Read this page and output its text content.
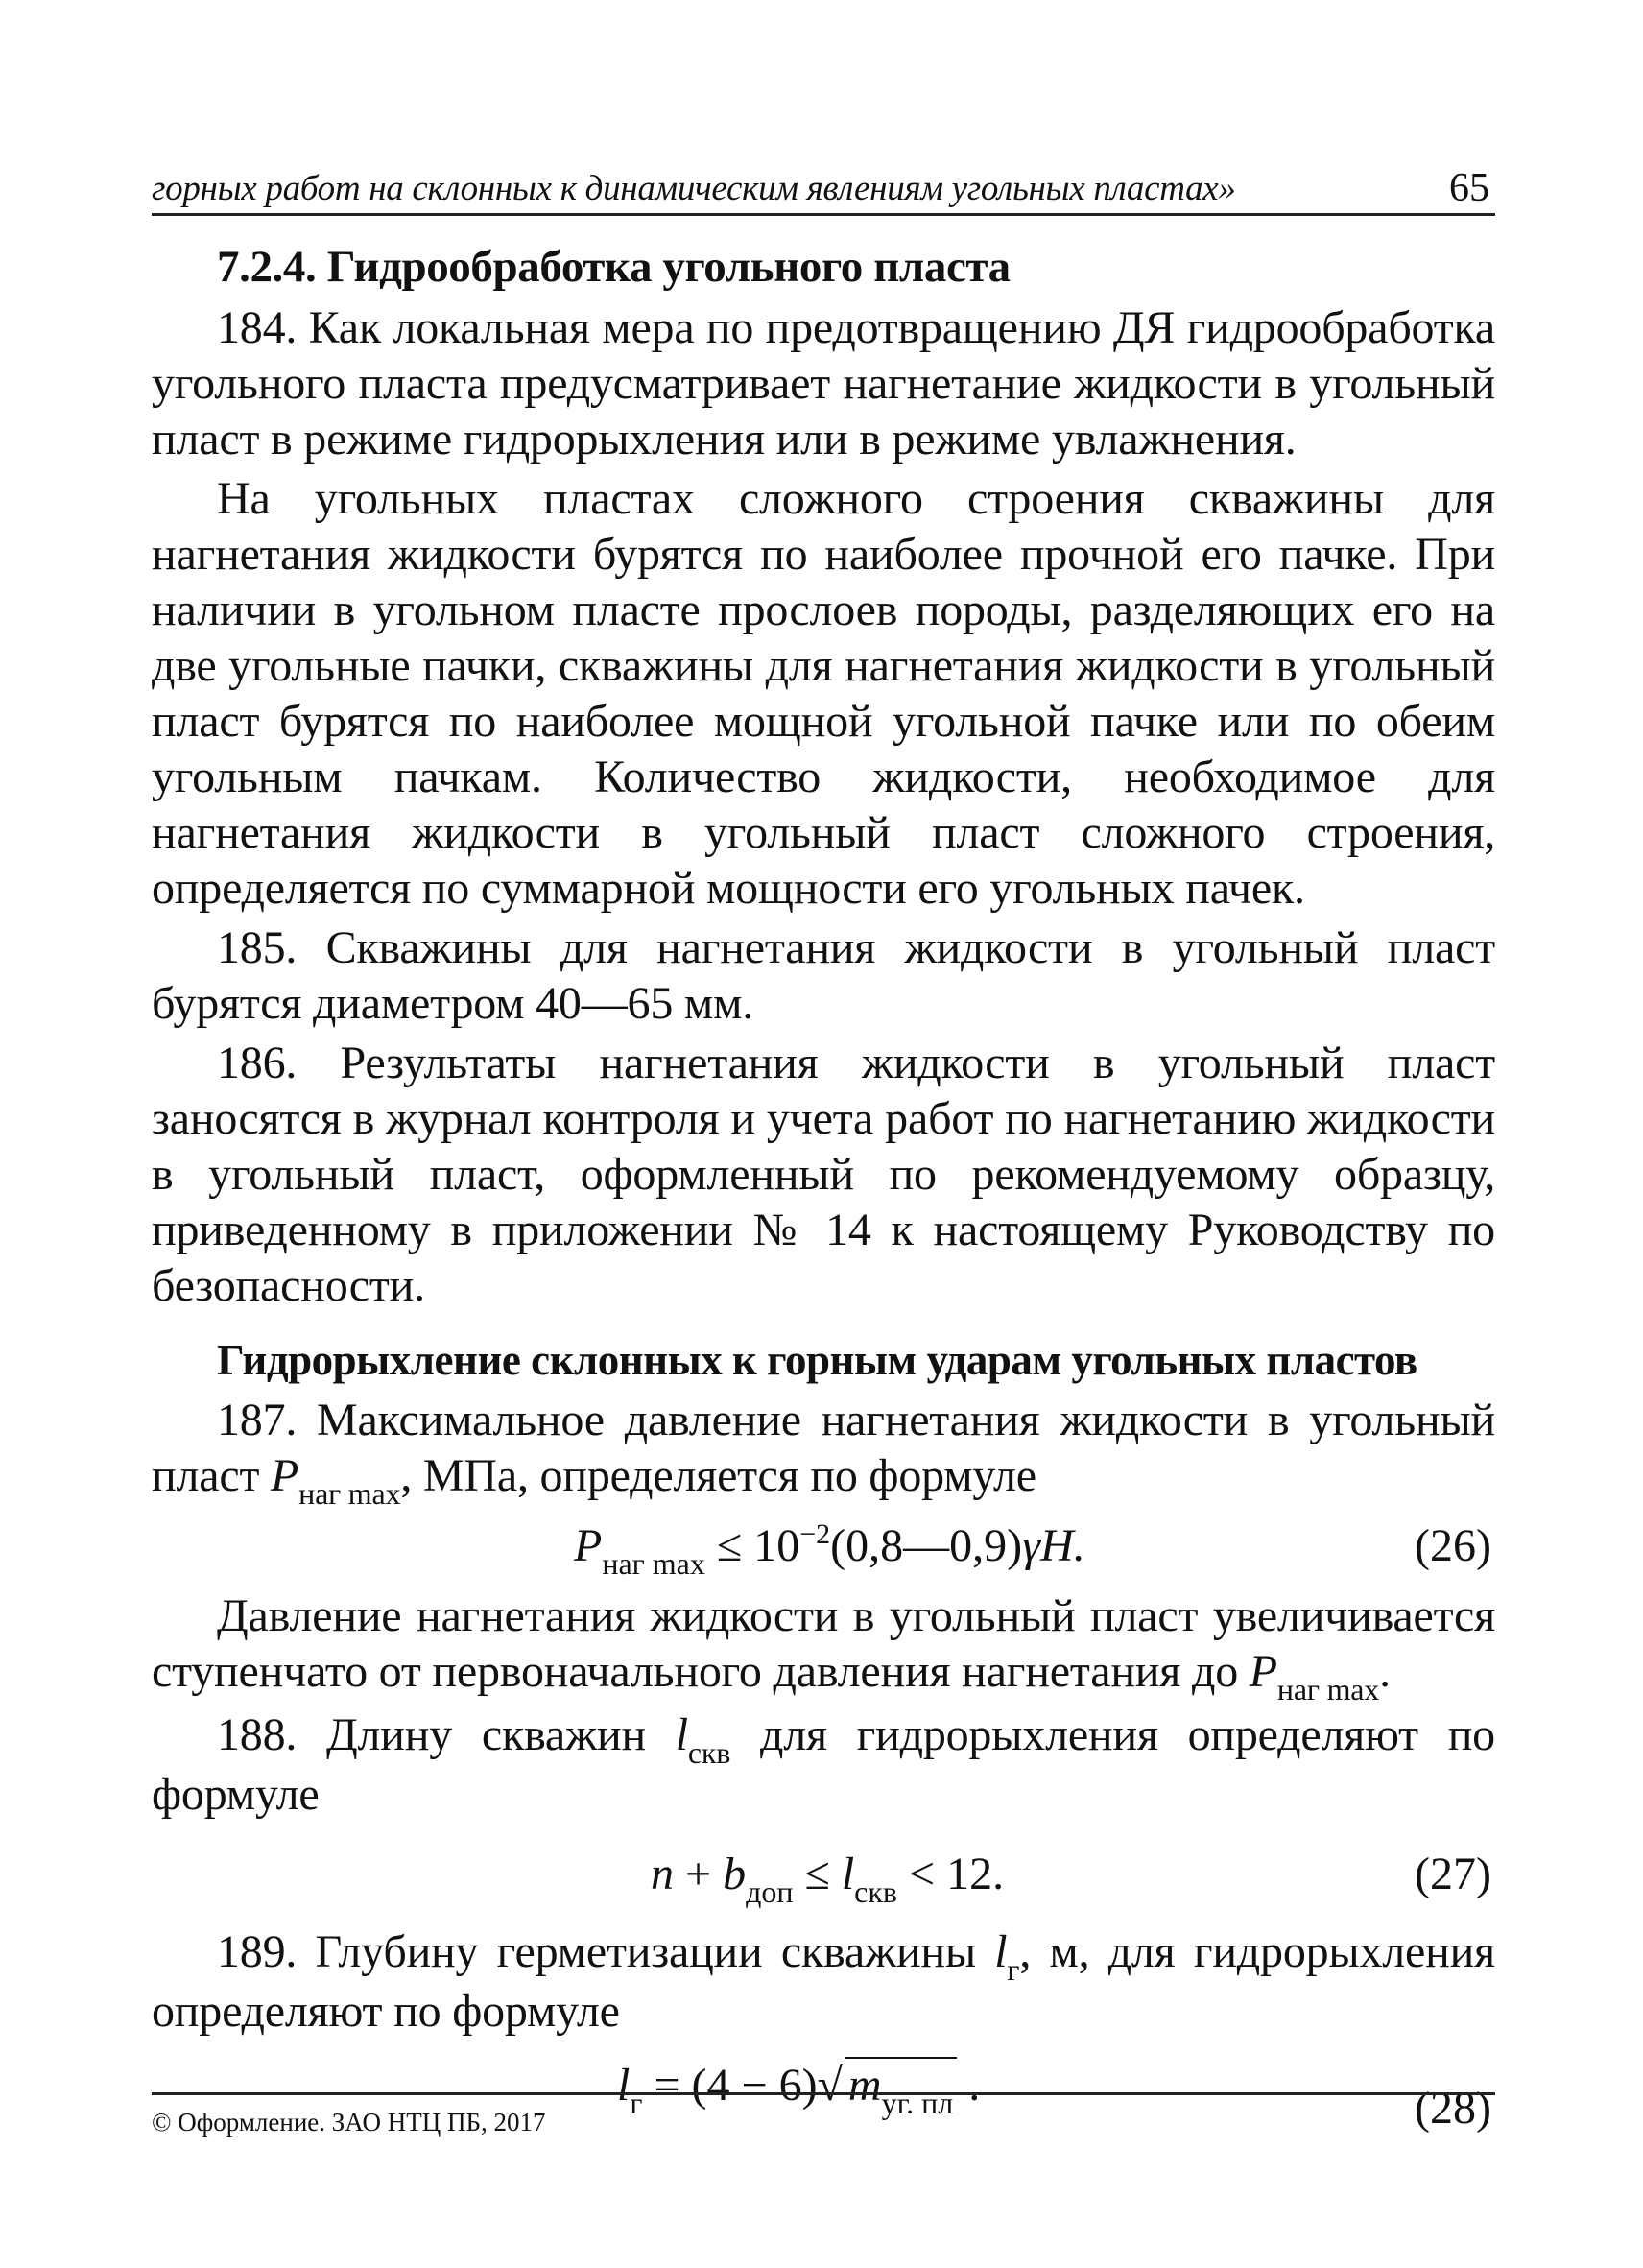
горных работ на склонных к динамическим явлениям угольных пластах»	65
7.2.4. Гидрообработка угольного пласта

184. Как локальная мера по предотвращению ДЯ гидрообработка угольного пласта предусматривает нагнетание жидкости в угольный пласт в режиме гидрорыхления или в режиме увлажнения.

На угольных пластах сложного строения скважины для нагнетания жидкости бурятся по наиболее прочной его пачке. При наличии в угольном пласте прослоев породы, разделяющих его на две угольные пачки, скважины для нагнетания жидкости в угольный пласт бурятся по наиболее мощной угольной пачке или по обеим угольным пачкам. Количество жидкости, необходимое для нагнетания жидкости в угольный пласт сложного строения, определяется по суммарной мощности его угольных пачек.

185. Скважины для нагнетания жидкости в угольный пласт бурятся диаметром 40—65 мм.

186. Результаты нагнетания жидкости в угольный пласт заносятся в журнал контроля и учета работ по нагнетанию жидкости в угольный пласт, оформленный по рекомендуемому образцу, приведенному в приложении № 14 к настоящему Руководству по безопасности.

Гидрорыхление склонных к горным ударам угольных пластов

187. Максимальное давление нагнетания жидкости в угольный пласт $P_{наг max}$, МПа, определяется по формуле

$P_{наг max}$ ≤ $10^{-2}(0,8—0,9)\gamma H$.	(26)

Давление нагнетания жидкости в угольный пласт увеличивается ступенчато от первоначального давления нагнетания до $P_{наг max}$.

188. Длину скважин $l_{скв}$ для гидрорыхления определяют по формуле

$n + b_{доп} \le l_{скв} < 12$.	(27)

189. Глубину герметизации скважины $l_г$, м, для гидрорыхления определяют по формуле

$l_г = (4 - 6)√$ $m_{уг. пл}$ .	(28)
© Оформление. ЗАО НТЦ ПБ, 2017
